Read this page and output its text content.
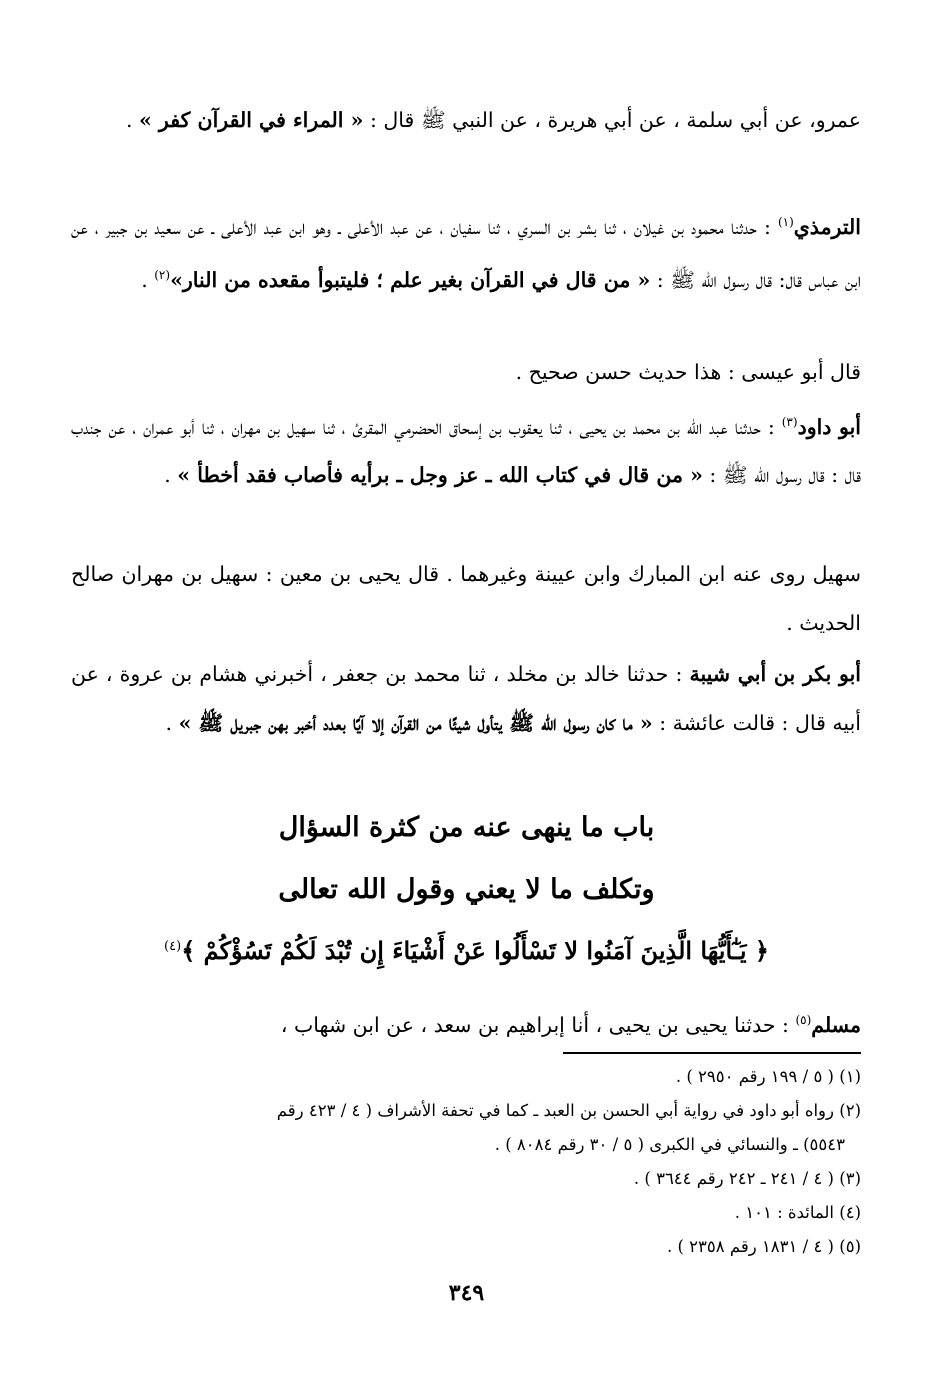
عمرو، عن أبي سلمة ، عن أبي هريرة ، عن النبي ﷺ قال : « المراء في القرآن كفر » .

الترمذي$^{(١)}$ : حدثنا محمود بن غيلان ، ثنا بشر بن السري ، ثنا سفيان ، عن عبد الأعلى ـ وهو ابن عبد الأعلى ـ عن سعيد بن جبير ، عن ابن عباس قال: قال رسول الله ﷺ : « من قال في القرآن بغير علم ؛ فليتبوأ مقعده من النار»$^{(٢)}$ .

قال أبو عيسى : هذا حديث حسن صحيح .

أبو داود$^{(٣)}$ : حدثنا عبد الله بن محمد بن يحيى ، ثنا يعقوب بن إسحاق الحضرمي المقرئ ، ثنا سهيل بن مهران ، ثنا أبو عمران ، عن جندب قال : قال رسول الله ﷺ : « من قال في كتاب الله ـ عز وجل ـ برأيه فأصاب فقد أخطأ » .

سهيل روى عنه ابن المبارك وابن عيينة وغيرهما . قال يحيى بن معين : سهيل بن مهران صالح الحديث .

أبو بكر بن أبي شيبة : حدثنا خالد بن مخلد ، ثنا محمد بن جعفر ، أخبرني هشام بن عروة ، عن أبيه قال : قالت عائشة : « ما كان رسول الله ﷺ يتأول شيئًا من القرآن إلا آيًا بعدد أخبر بهن جبريل ﷺ » .

باب ما ينهى عنه من كثرة السؤال
وتكلف ما لا يعني وقول الله تعالى
﴿ يَـٰٓأَيُّهَا الَّذِينَ آمَنُوا لا تَسْأَلُوا عَنْ أَشْيَاءَ إِن تُبْدَ لَكُمْ تَسُؤْكُمْ ﴾$^{(٤)}$

مسلم$^{(٥)}$ : حدثنا يحيى بن يحيى ، أنا إبراهيم بن سعد ، عن ابن شهاب ،

(١) ( ٥ / ١٩٩ رقم ٢٩٥٠ ) .

(٢) رواه أبو داود في رواية أبي الحسن بن العبد ـ كما في تحفة الأشراف ( ٤ / ٤٢٣ رقم

٥٥٤٣) ـ والنسائي في الكبرى ( ٥ / ٣٠ رقم ٨٠٨٤ ) .

(٣) ( ٤ / ٢٤١ ـ ٢٤٢ رقم ٣٦٤٤ ) .

(٤) المائدة : ١٠١ .

(٥) ( ٤ / ١٨٣١ رقم ٢٣٥٨ ) .

٣٤٩
